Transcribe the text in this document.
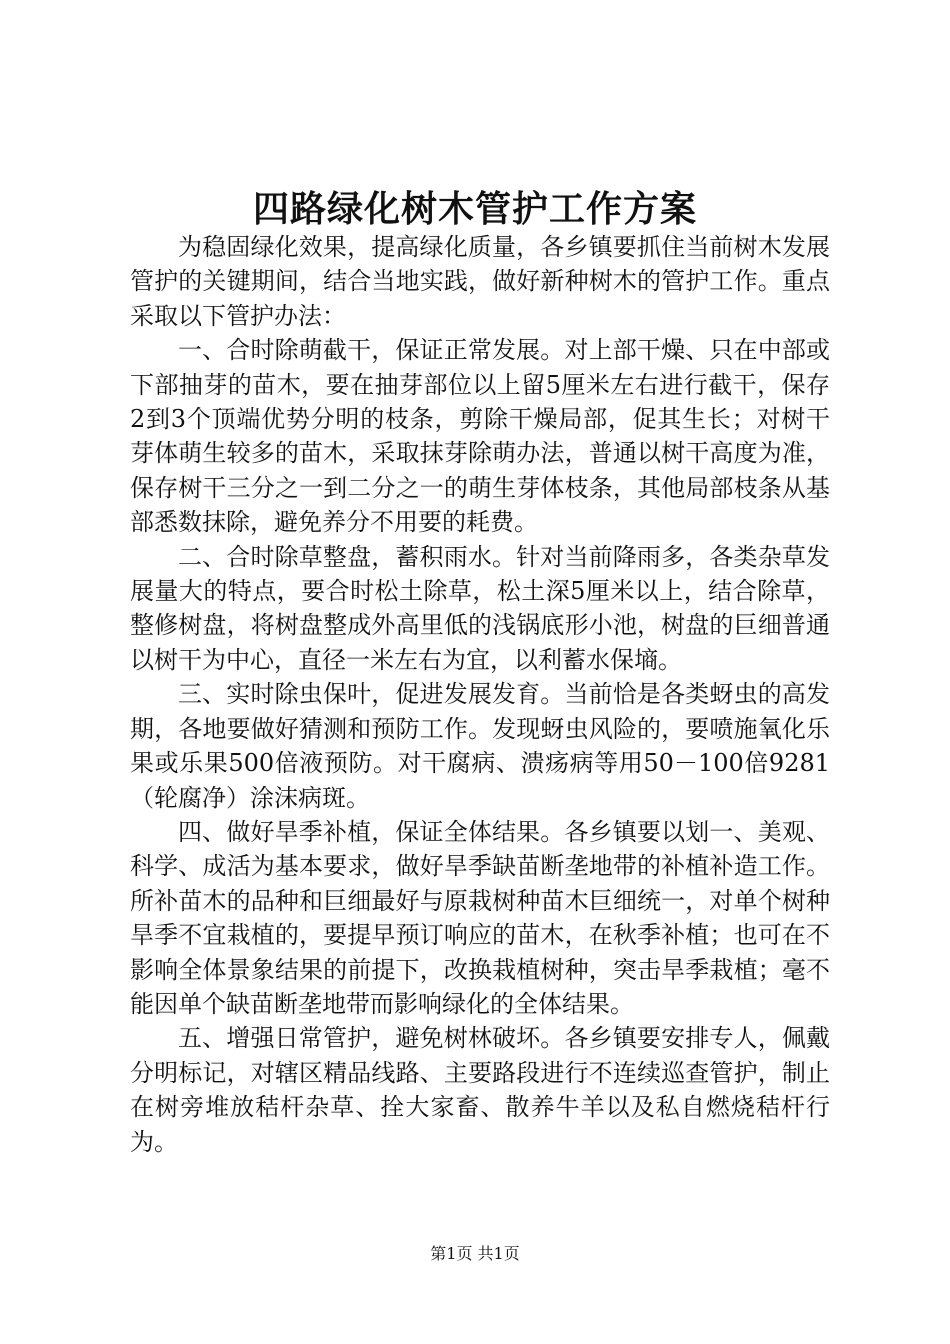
四路绿化树木管护工作方案

为稳固绿化效果，提高绿化质量，各乡镇要抓住当前树木发展管护的关键期间，结合当地实践，做好新种树木的管护工作。重点采取以下管护办法：

一、合时除萌截干，保证正常发展。对上部干燥、只在中部或下部抽芽的苗木，要在抽芽部位以上留5厘米左右进行截干，保存2到3个顶端优势分明的枝条，剪除干燥局部，促其生长；对树干芽体萌生较多的苗木，采取抹芽除萌办法，普通以树干高度为准，保存树干三分之一到二分之一的萌生芽体枝条，其他局部枝条从基部悉数抹除，避免养分不用要的耗费。

二、合时除草整盘，蓄积雨水。针对当前降雨多，各类杂草发展量大的特点，要合时松土除草，松土深5厘米以上，结合除草，整修树盘，将树盘整成外高里低的浅锅底形小池，树盘的巨细普通以树干为中心，直径一米左右为宜，以利蓄水保墒。

三、实时除虫保叶，促进发展发育。当前恰是各类蚜虫的高发期，各地要做好猜测和预防工作。发现蚜虫风险的，要喷施氧化乐果或乐果500倍液预防。对干腐病、溃疡病等用50－100倍9281（轮腐净）涂沫病斑。

四、做好旱季补植，保证全体结果。各乡镇要以划一、美观、科学、成活为基本要求，做好旱季缺苗断垄地带的补植补造工作。所补苗木的品种和巨细最好与原栽树种苗木巨细统一，对单个树种旱季不宜栽植的，要提早预订响应的苗木，在秋季补植；也可在不影响全体景象结果的前提下，改换栽植树种，突击旱季栽植；毫不能因单个缺苗断垄地带而影响绿化的全体结果。

五、增强日常管护，避免树林破坏。各乡镇要安排专人，佩戴分明标记，对辖区精品线路、主要路段进行不连续巡查管护，制止在树旁堆放秸杆杂草、拴大家畜、散养牛羊以及私自燃烧秸杆行为。

第1页 共1页
